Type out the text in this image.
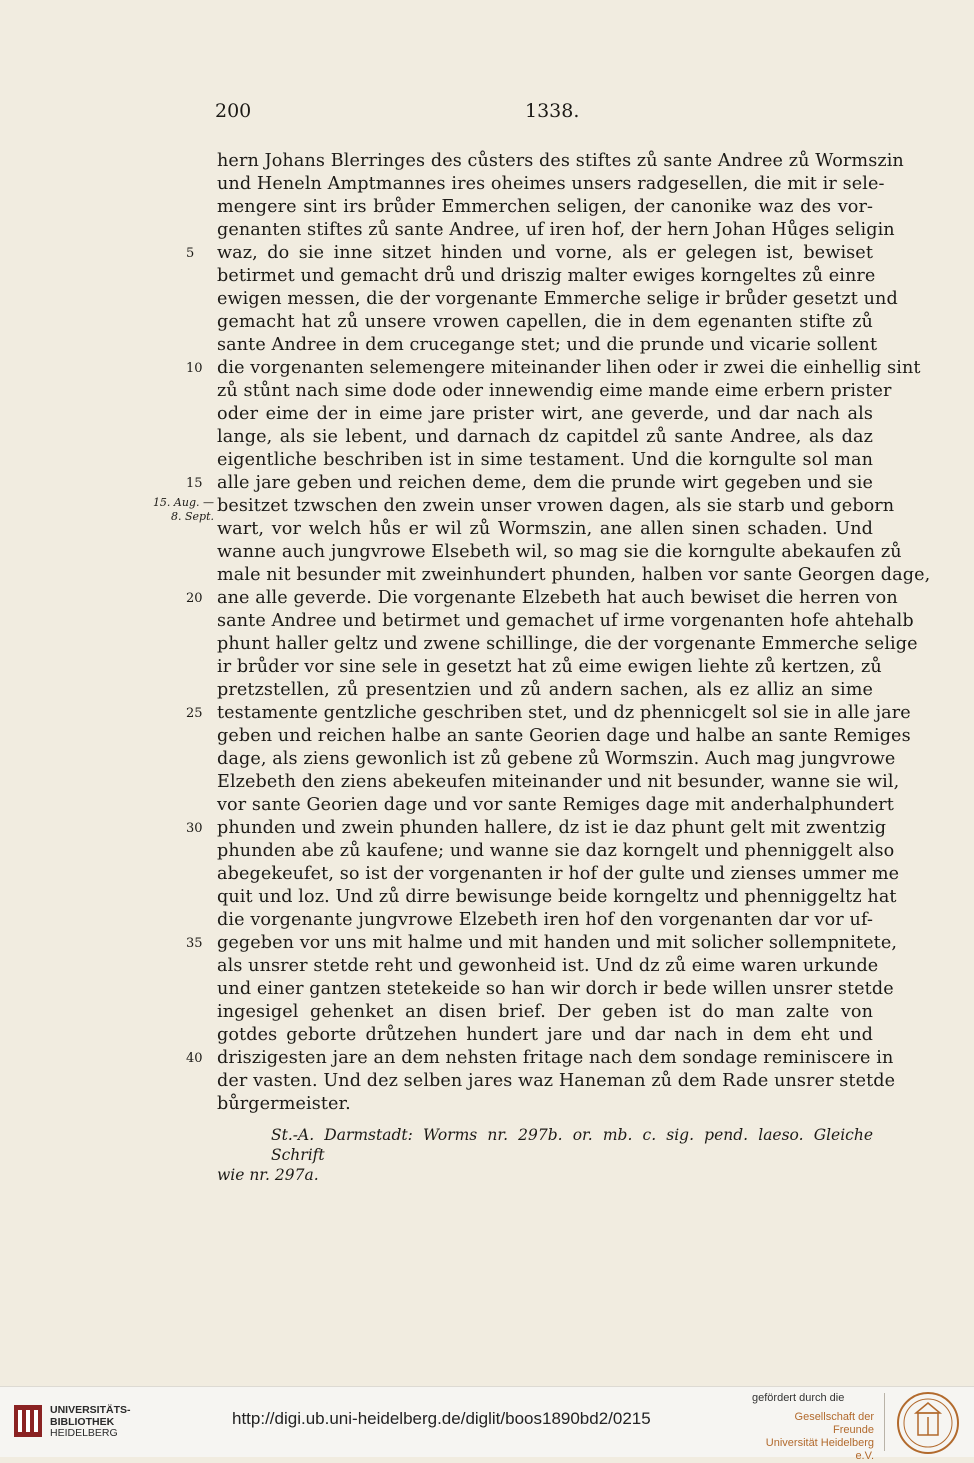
200	1338.
15. Aug. —
8. Sept.
hern Johans Blerringes des cůsters des stiftes zů sante Andree zů Wormszin
und Heneln Amptmannes ires oheimes unsers radgesellen, die mit ir sele-
mengere sint irs brůder Emmerchen seligen, der canonike waz des vor-
genanten stiftes zů sante Andree, uf iren hof, der hern Johan Hůges seligin
5	waz, do sie inne sitzet hinden und vorne, als er gelegen ist, bewiset
betirmet und gemacht drů und driszig malter ewiges korngeltes zů einre
ewigen messen, die der vorgenante Emmerche selige ir brůder gesetzt und
gemacht hat zů unsere vrowen capellen, die in dem egenanten stifte zů
sante Andree in dem crucegange stet; und die prunde und vicarie sollent
10 die vorgenanten selemengere miteinander lihen oder ir zwei die einhellig sint
zů stůnt nach sime dode oder innewendig eime mande eime erbern prister
oder eime der in eime jare prister wirt, ane geverde, und dar nach als
lange, als sie lebent, und darnach dz capitdel zů sante Andree, als daz
eigentliche beschriben ist in sime testament. Und die korngulte sol man
15 alle jare geben und reichen deme, dem die prunde wirt gegeben und sie
besitzet tzwschen den zwein unser vrowen dagen, als sie starb und geborn
wart, vor welch hůs er wil zů Wormszin, ane allen sinen schaden. Und
wanne auch jungvrowe Elsebeth wil, so mag sie die korngulte abekaufen zů
male nit besunder mit zweinhundert phunden, halben vor sante Georgen dage,
20 ane alle geverde. Die vorgenante Elzebeth hat auch bewiset die herren von
sante Andree und betirmet und gemachet uf irme vorgenanten hofe ahtehalb
phunt haller geltz und zwene schillinge, die der vorgenante Emmerche selige
ir brůder vor sine sele in gesetzt hat zů eime ewigen liehte zů kertzen, zů
pretzstellen, zů presentzien und zů andern sachen, als ez alliz an sime
25 testamente gentzliche geschriben stet, und dz phennicgelt sol sie in alle jare
geben und reichen halbe an sante Georien dage und halbe an sante Remiges
dage, als ziens gewonlich ist zů gebene zů Wormszin. Auch mag jungvrowe
Elzebeth den ziens abekeufen miteinander und nit besunder, wanne sie wil,
vor sante Georien dage und vor sante Remiges dage mit anderhalphundert
30 phunden und zwein phunden hallere, dz ist ie daz phunt gelt mit zwentzig
phunden abe zů kaufene; und wanne sie daz korngelt und phenniggelt also
abegekeufet, so ist der vorgenanten ir hof der gulte und zienses ummer me
quit und loz. Und zů dirre bewisunge beide korngeltz und phenniggeltz hat
die vorgenante jungvrowe Elzebeth iren hof den vorgenanten dar vor uf-
35 gegeben vor uns mit halme und mit handen und mit solicher sollempnitete,
als unsrer stetde reht und gewonheid ist. Und dz zů eime waren urkunde
und einer gantzen stetekeide so han wir dorch ir bede willen unsrer stetde
ingesigel gehenket an disen brief. Der geben ist do man zalte von
gotdes geborte drůtzehen hundert jare und dar nach in dem eht und
40 driszigesten jare an dem nehsten fritage nach dem sondage reminiscere in
der vasten. Und dez selben jares waz Haneman zů dem Rade unsrer stetde
bůrgermeister.
St.-A. Darmstadt: Worms nr. 297b. or. mb. c. sig. pend. laeso. Gleiche Schrift
wie nr. 297a.
UNIVERSITÄTS-
BIBLIOTHEK
HEIDELBERG
http://digi.ub.uni-heidelberg.de/diglit/boos1890bd2/0215
gefördert durch die
Gesellschaft der Freunde
Universität Heidelberg e.V.
